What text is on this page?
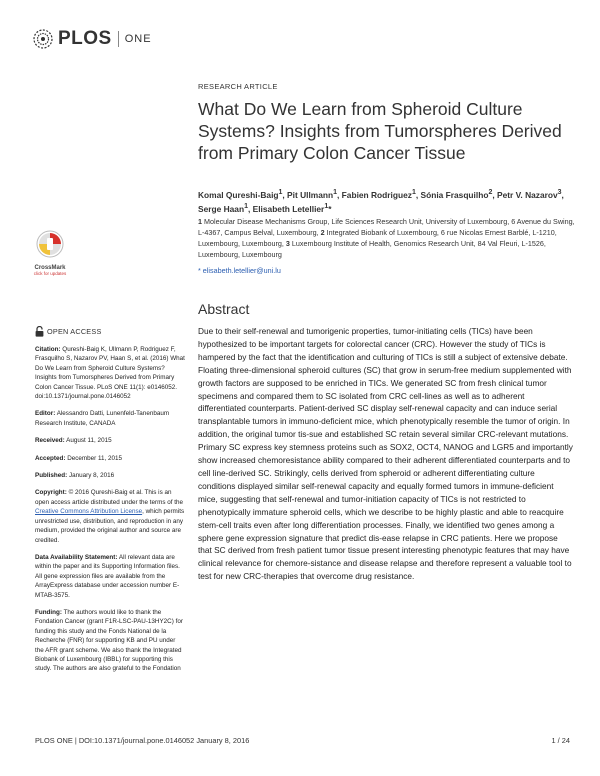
PLOS ONE
RESEARCH ARTICLE
What Do We Learn from Spheroid Culture Systems? Insights from Tumorspheres Derived from Primary Colon Cancer Tissue
Komal Qureshi-Baig$^1$, Pit Ullmann$^1$, Fabien Rodriguez$^1$, Sónia Frasquilho$^2$, Petr V. Nazarov$^3$, Serge Haan$^1$, Elisabeth Letellier$^1$*
1 Molecular Disease Mechanisms Group, Life Sciences Research Unit, University of Luxembourg, 6 Avenue du Swing, L-4367, Campus Belval, Luxembourg, 2 Integrated Biobank of Luxembourg, 6 rue Nicolas Ernest Barblé, L-1210, Luxembourg, Luxembourg, 3 Luxembourg Institute of Health, Genomics Research Unit, 84 Val Fleuri, L-1526, Luxembourg, Luxembourg
* elisabeth.letellier@uni.lu
CrossMark
click for updates
OPEN ACCESS
Citation: Qureshi-Baig K, Ullmann P, Rodriguez F, Frasquilho S, Nazarov PV, Haan S, et al. (2016) What Do We Learn from Spheroid Culture Systems? Insights from Tumorspheres Derived from Primary Colon Cancer Tissue. PLoS ONE 11(1): e0146052. doi:10.1371/journal.pone.0146052
Editor: Alessandro Datti, Lunenfeld-Tanenbaum Research Institute, CANADA
Received: August 11, 2015
Accepted: December 11, 2015
Published: January 8, 2016
Copyright: © 2016 Qureshi-Baig et al. This is an open access article distributed under the terms of the Creative Commons Attribution License, which permits unrestricted use, distribution, and reproduction in any medium, provided the original author and source are credited.
Data Availability Statement: All relevant data are within the paper and its Supporting Information files. All gene expression files are available from the ArrayExpress database under accession number E-MTAB-3575.
Funding: The authors would like to thank the Fondation Cancer (grant F1R-LSC-PAU-13HY2C) for funding this study and the Fonds National de la Recherche (FNR) for supporting KB and PU under the AFR grant scheme. We also thank the Integrated Biobank of Luxembourg (IBBL) for supporting this study. The authors are also grateful to the Fondation
Abstract
Due to their self-renewal and tumorigenic properties, tumor-initiating cells (TICs) have been hypothesized to be important targets for colorectal cancer (CRC). However the study of TICs is hampered by the fact that the identification and culturing of TICs is still a subject of extensive debate. Floating three-dimensional spheroid cultures (SC) that grow in serum-free medium supplemented with growth factors are supposed to be enriched in TICs. We generated SC from fresh clinical tumor specimens and compared them to SC isolated from CRC cell-lines as well as to adherent differentiated counterparts. Patient-derived SC display self-renewal capacity and can induce serial transplantable tumors in immuno-deficient mice, which phenotypically resemble the tumor of origin. In addition, the original tumor tis-sue and established SC retain several similar CRC-relevant mutations. Primary SC express key stemness proteins such as SOX2, OCT4, NANOG and LGR5 and importantly show increased chemoresistance ability compared to their adherent differentiated counterparts and to cell line-derived SC. Strikingly, cells derived from spheroid or adherent differentiating culture conditions displayed similar self-renewal capacity and equally formed tumors in immune-deficient mice, suggesting that self-renewal and tumor-initiation capacity of TICs is not restricted to phenotypically immature spheroid cells, which we describe to be highly plastic and able to reacquire stem-cell traits even after long differentiation processes. Finally, we identified two genes among a sphere gene expression signature that predict dis-ease relapse in CRC patients. Here we propose that SC derived from fresh patient tumor tissue present interesting phenotypic features that may have clinical relevance for chemore-sistance and disease relapse and therefore represent a valuable tool to test for new CRC-therapies that overcome drug resistance.
PLOS ONE | DOI:10.1371/journal.pone.0146052 January 8, 2016	1 / 24
